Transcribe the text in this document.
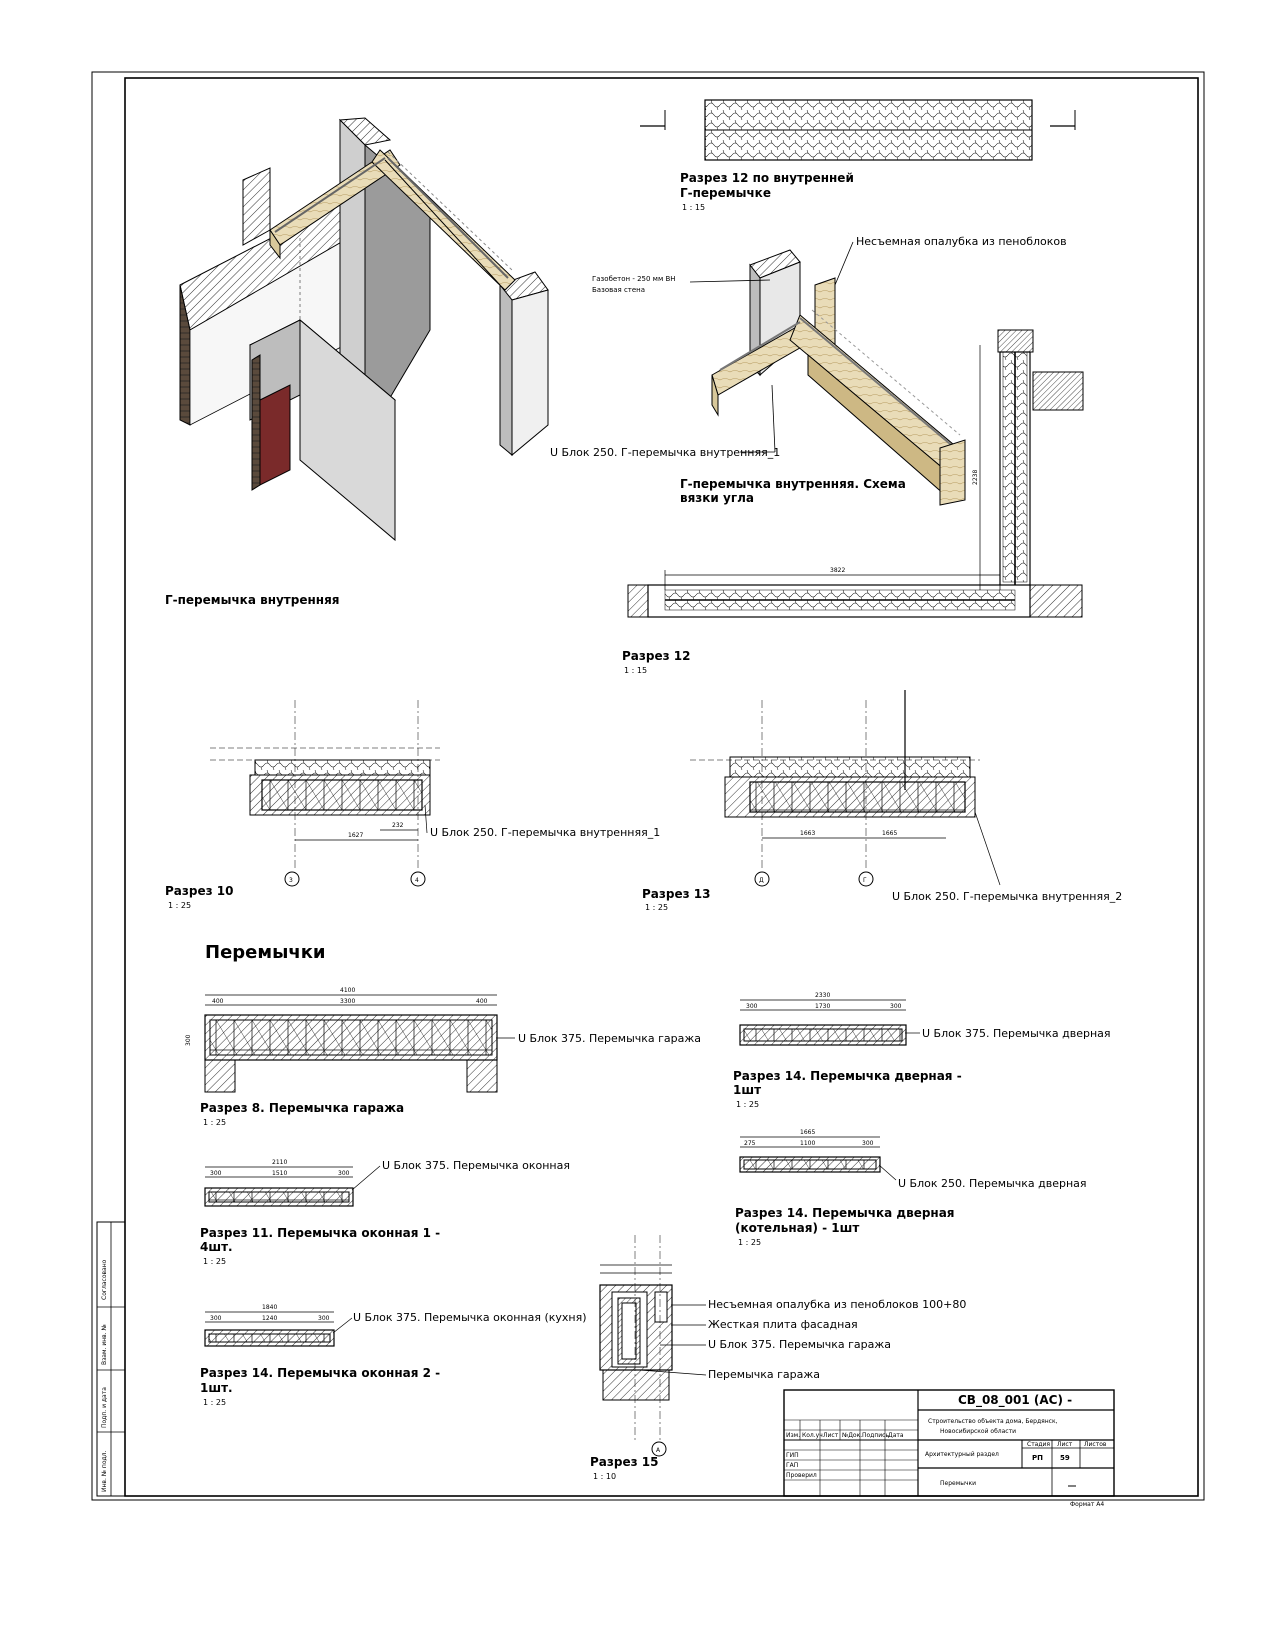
Согласовано
Взам. инв. №
Подп. и дата
Инв. № подл.
Г-перемычка внутренняя
Разрез 12 по внутренней
Г-перемычке
1 : 15
Г-перемычка внутренняя. Схема
вязки угла
Несъемная опалубка из пеноблоков
Газобетон - 250 мм ВН
Базовая стена
U Блок 250. Г-перемычка внутренняя_1
3822
2238
Разрез 12
1 : 15
3	4
1627
232
U Блок 250. Г-перемычка внутренняя_1
Разрез 10
1 : 25
Д	Г
1663	1665
U Блок 250. Г-перемычка внутренняя_2
Разрез 13
1 : 25
Перемычки
4100
400	3300	400
300	U Блок 375. Перемычка гаража
Разрез 8. Перемычка гаража
1 : 25
2110
300	1510	300
U Блок 375. Перемычка оконная
Разрез 11. Перемычка оконная 1 -
4шт.
1 : 25
1840
300	1240	300 U Блок 375. Перемычка оконная (кухня)
Разрез 14. Перемычка оконная 2 -
1шт.
1 : 25
2330
300	1730	300
U Блок 375. Перемычка дверная
Разрез 14. Перемычка дверная -
1шт
1 : 25
1665
275	1100	300
U Блок 250. Перемычка дверная
Разрез 14. Перемычка дверная
(котельная) - 1шт
1 : 25
А
Несъемная опалубка из пеноблоков 100+80
Жесткая плита фасадная
U Блок 375. Перемычка гаража
Перемычка гаража
Разрез 15
1 : 10
Изм. Кол.уч Лист №Док. Подпись Дата
ГИП
ГАП
Проверил
СВ_08_001 (АС) -
Строительство объекта дома, Бердянск,
Новосибирской области
Архитектурный раздел
Стадия Лист Листов
РП 59
Перемычки
Формат А4
